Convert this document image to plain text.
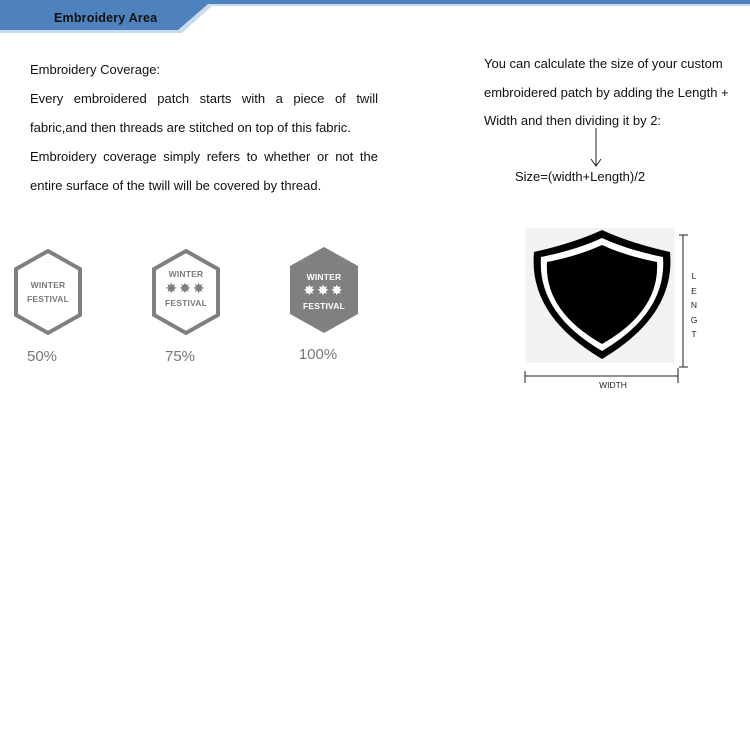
Embroidery Area

Embroidery Coverage:

Every embroidered patch starts with a piece of twill fabric,and then threads are stitched on top of this fabric.

Embroidery coverage simply refers to whether or not the entire surface of the twill will be covered by thread.

WINTER
FESTIVAL
50%
WINTER
✸✸✸
FESTIVAL
75%
WINTER
✸✸✸
FESTIVAL
100%

You can calculate the size of your custom embroidered patch by adding the Length + Width and then dividing it by 2:

Size=(width+Length)/2
L
E
N
G
T
WIDTH
